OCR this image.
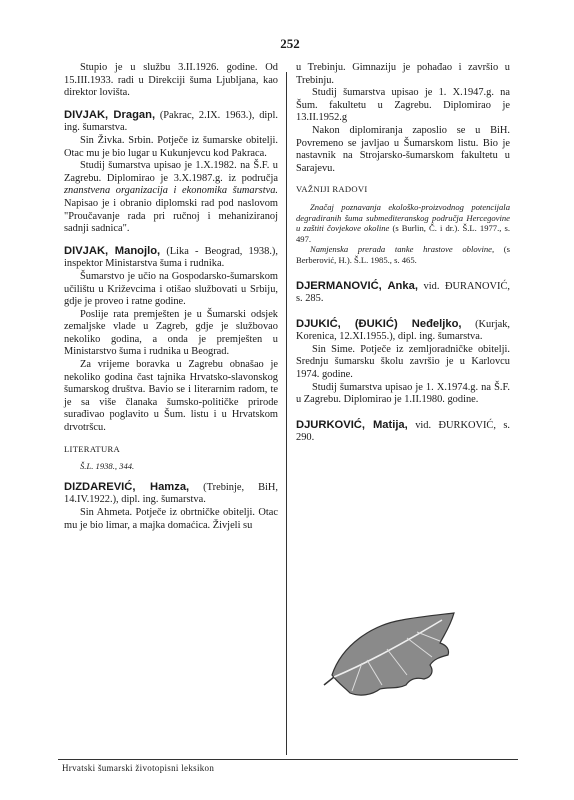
252

Stupio je u službu 3.II.1926. godine. Od 15.III.1933. radi u Direkciji šuma Ljubljana, kao direktor lovišta.

DIVJAK, Dragan, (Pakrac, 2.IX. 1963.), dipl. ing. šumarstva.

Sin Živka. Srbin. Potječe iz šumarske obitelji. Otac mu je bio lugar u Kukunjevcu kod Pakraca.

Studij šumarstva upisao je 1.X.1982. na Š.F. u Zagrebu. Diplomirao je 3.X.1987.g. iz područja znanstvena organizacija i ekonomika šumarstva. Napisao je i obranio diplomski rad pod naslovom "Proučavanje rada pri ručnoj i mehaniziranoj sadnji sadnica".

DIVJAK, Manojlo, (Lika - Beograd, 1938.), inspektor Ministarstva šuma i rudnika.

Šumarstvo je učio na Gospodarsko-šumarskom učilištu u Križevcima i otišao službovati u Srbiju, gdje je proveo i ratne godine.

Poslije rata premješten je u Šumarski odsjek zemaljske vlade u Zagreb, gdje je službovao nekoliko godina, a onda je premješten u Ministarstvo šuma i rudnika u Beograd.

Za vrijeme boravka u Zagrebu obnašao je nekoliko godina čast tajnika Hrvatsko-slavonskog šumarskog društva. Bavio se i literarnim radom, te je sa više članaka šumsko-političke prirode surađivao poglavito u Šum. listu i u Hrvatskom drvotršcu.

LITERATURA

Š.L. 1938., 344.

DIZDAREVIĆ, Hamza, (Trebinje, BiH, 14.IV.1922.), dipl. ing. šumarstva.

Sin Ahmeta. Potječe iz obrtničke obitelji. Otac mu je bio limar, a majka domaćica. Živjeli su

u Trebinju. Gimnaziju je pohađao i završio u Trebinju.

Studij šumarstva upisao je 1. X.1947.g. na Šum. fakultetu u Zagrebu. Diplomirao je 13.II.1952.g

Nakon diplomiranja zaposlio se u BiH. Povremeno se javljao u Šumarskom listu. Bio je nastavnik na Strojarsko-šumarskom fakultetu u Sarajevu.

VAŽNIJI RADOVI

Značaj poznavanja ekološko-proizvodnog potencijala degradiranih šuma submediteranskog područja Hercegovine u zaštiti čovjekove okoline (s Burlin, Č. i dr.). Š.L. 1977., s. 497.

Namjenska prerada tanke hrastove oblovine, (s Berberović, H.). Š.L. 1985., s. 465.

DJERMANOVIĆ, Anka, vid. ĐURANOVIĆ, s. 285.

DJUKIĆ, (ĐUKIĆ) Neđeljko, (Kurjak, Korenica, 12.XI.1955.), dipl. ing. šumarstva.

Sin Sime. Potječe iz zemljoradničke obitelji. Srednju šumarsku školu završio je u Karlovcu 1974. godine.

Studij šumarstva upisao je 1. X.1974.g. na Š.F. u Zagrebu. Diplomirao je 1.II.1980. godine.

DJURKOVIĆ, Matija, vid. ĐURKOVIĆ, s. 290.

Hrvatski šumarski životopisni leksikon
